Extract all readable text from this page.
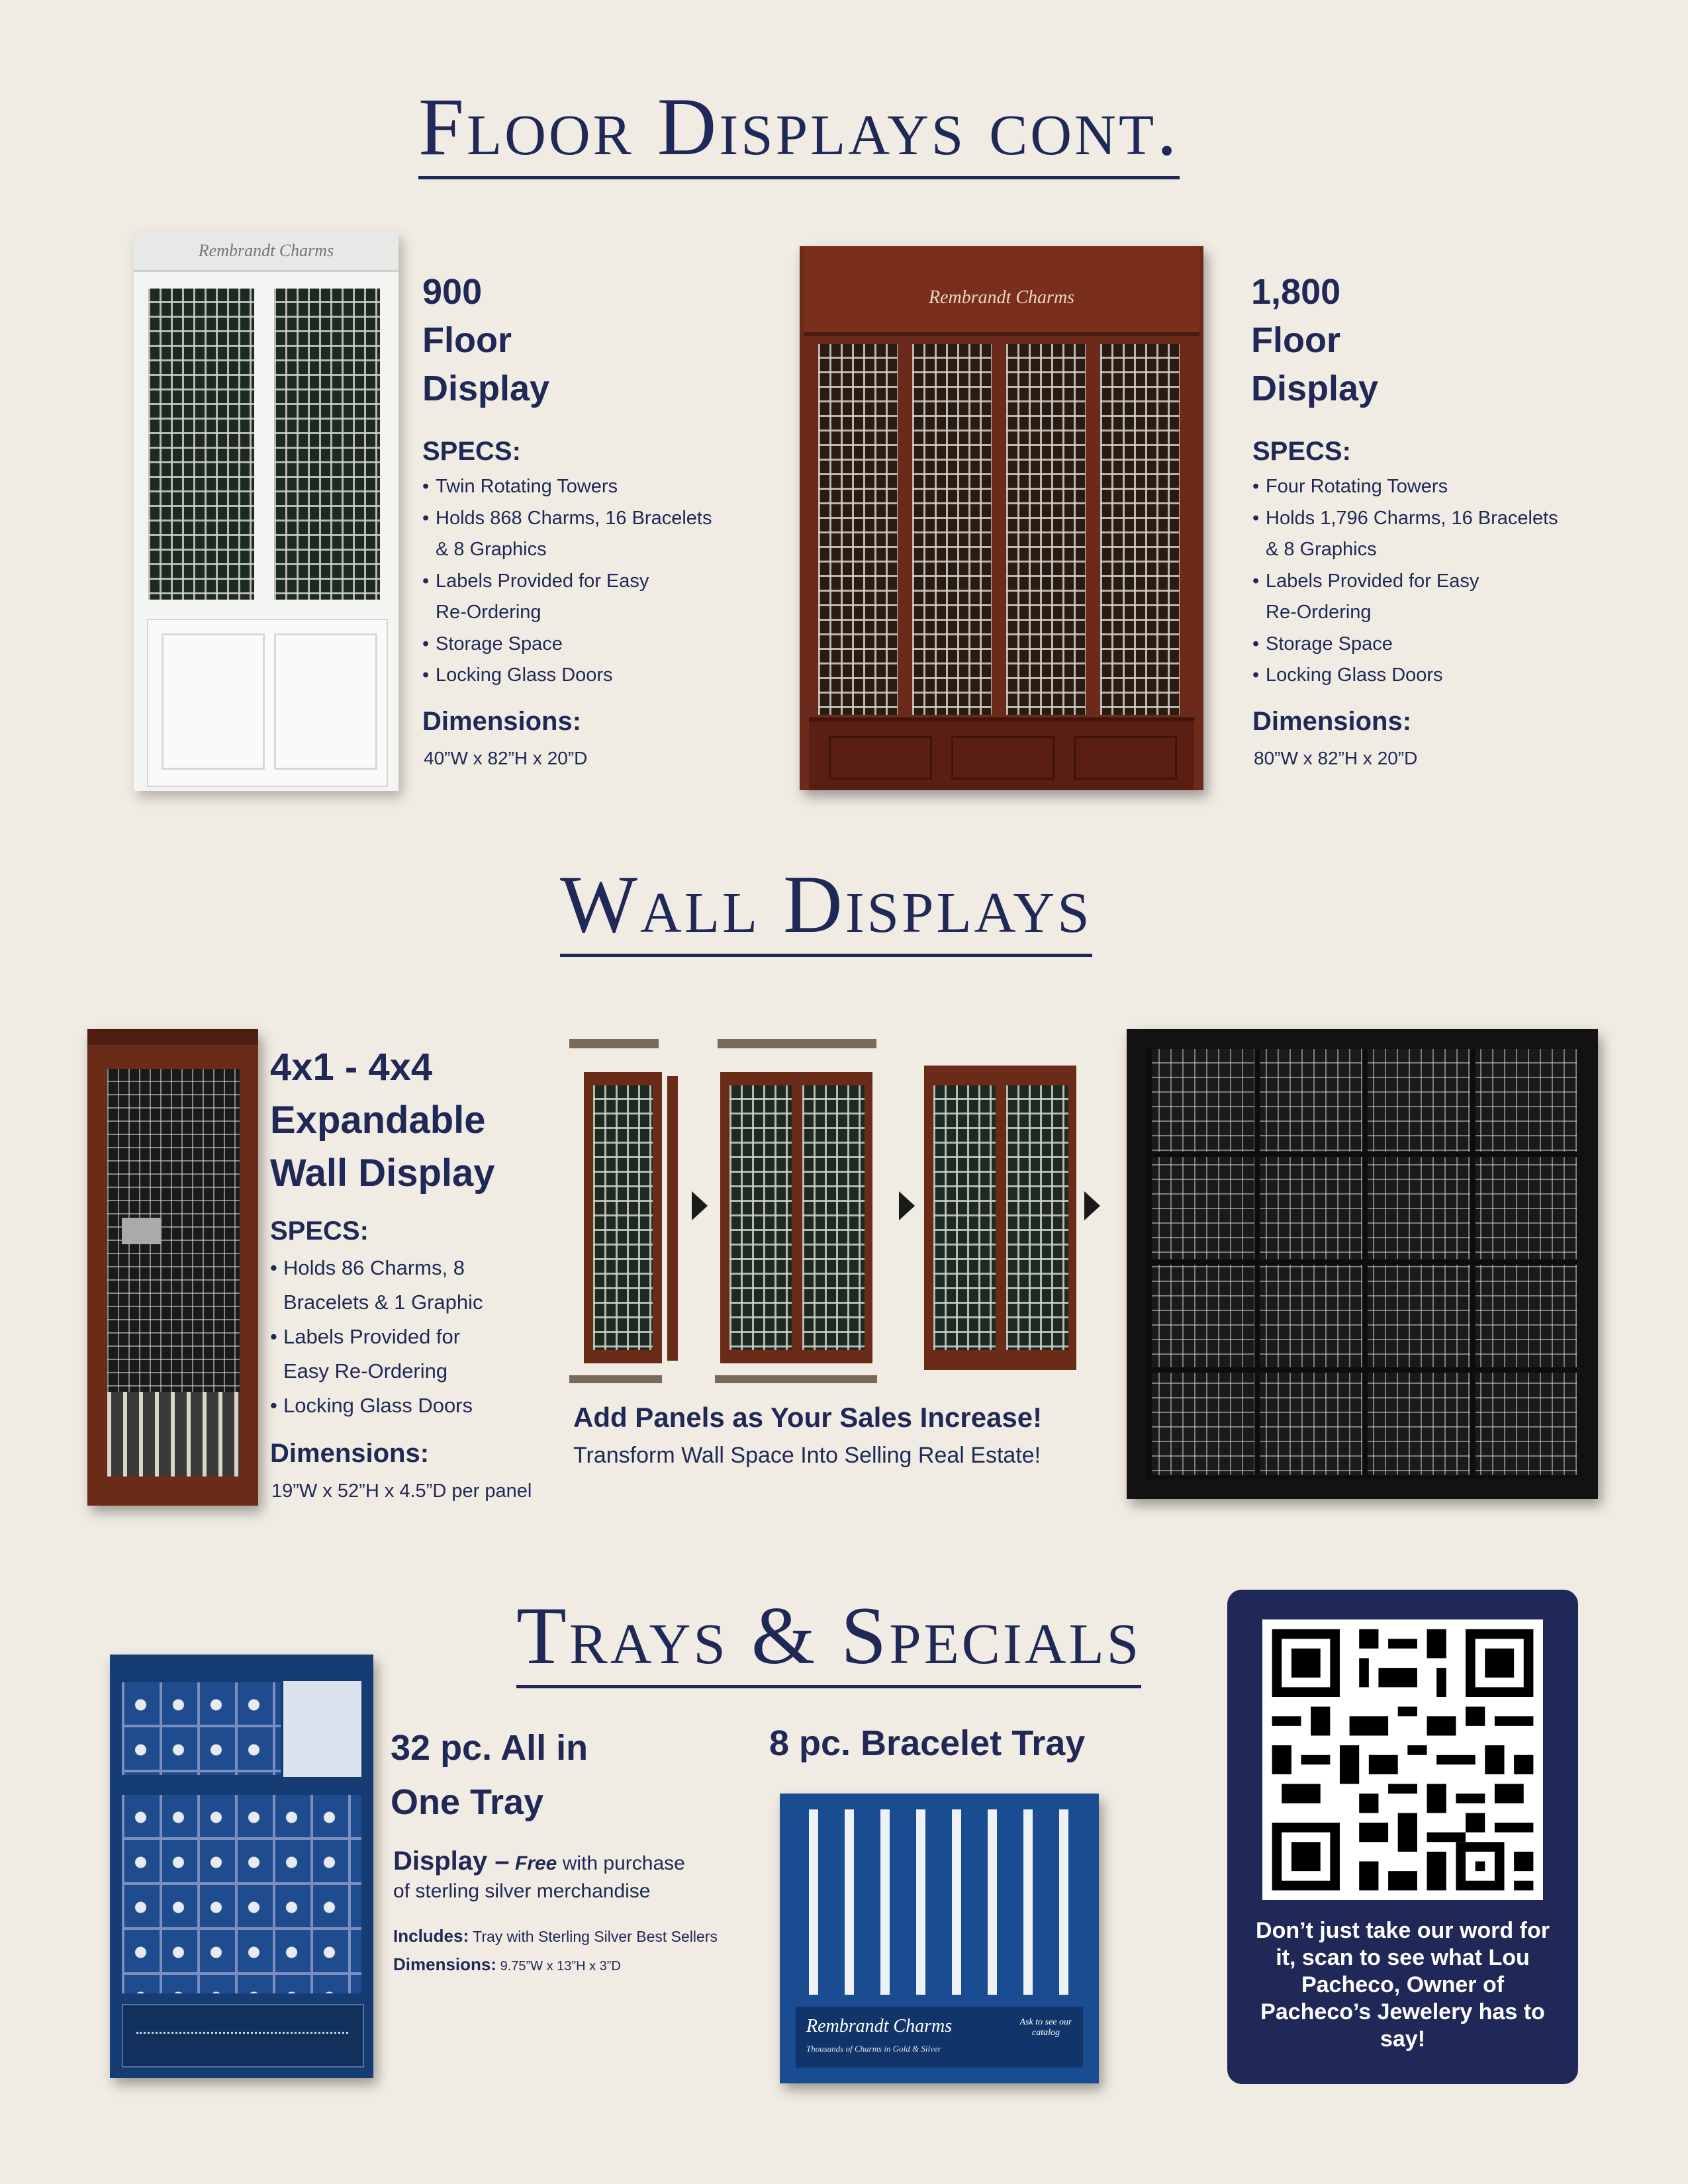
Floor Displays cont.
Wall Displays
Trays & Specials
Rembrandt Charms
900
Floor
Display
SPECS:
• Twin Rotating Towers
• Holds 868 Charms, 16 Bracelets
& 8 Graphics
• Labels Provided for Easy
Re-Ordering
• Storage Space
• Locking Glass Doors
Dimensions:
40”W x 82”H x 20”D
Rembrandt Charms	1,800
Floor
Display
SPECS:
• Four Rotating Towers
• Holds 1,796 Charms, 16 Bracelets
& 8 Graphics
• Labels Provided for Easy
Re-Ordering
• Storage Space
• Locking Glass Doors
Dimensions:
80”W x 82”H x 20”D
4x1 - 4x4
Expandable
Wall Display
SPECS:
• Holds 86 Charms, 8
Bracelets & 1 Graphic
• Labels Provided for
Easy Re-Ordering
• Locking Glass Doors
Dimensions:
19”W x 52”H x 4.5”D per panel
Add Panels as Your Sales Increase!
Transform Wall Space Into Selling Real Estate!
32 pc. All in
One Tray
Display – Free with purchase
of sterling silver merchandise
Includes: Tray with Sterling Silver Best Sellers
Dimensions: 9.75”W x 13”H x 3”D
8 pc. Bracelet Tray
Rembrandt Charms
Thousands of Charms in Gold & Silver
Ask to see our catalog
Don’t just take our word for it, scan to see what Lou Pacheco, Owner of Pacheco’s Jewelery has to say!
